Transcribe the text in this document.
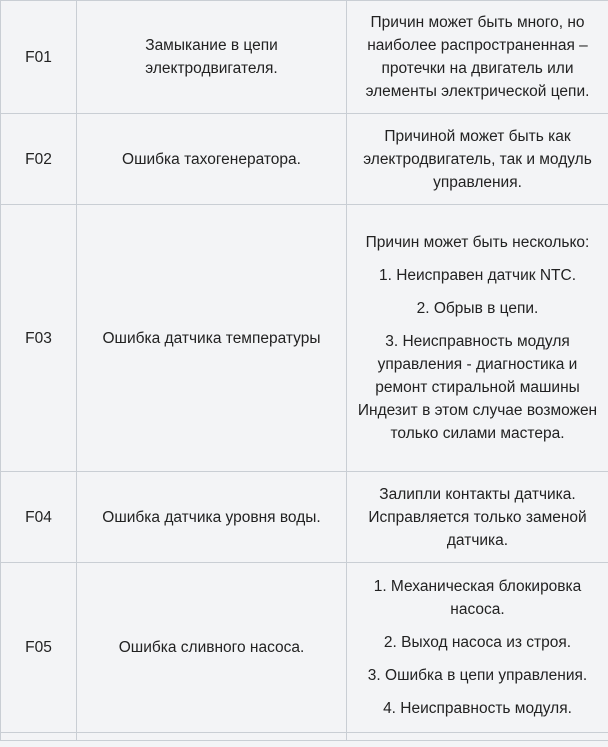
F01	Замыкание в цепи электродвигателя.	Причин может быть много, но наиболее распространенная – протечки на двигатель или элементы электрической цепи.

F02	Ошибка тахогенератора.	Причиной может быть как электродвигатель, так и модуль управления.

F03	Ошибка датчика температуры	Причин может быть несколько:

1. Неисправен датчик NTC.

2. Обрыв в цепи.

3. Неисправность модуля управления - диагностика и ремонт стиральной машины Индезит в этом случае возможен только силами мастера.

F04	Ошибка датчика уровня воды.	Залипли контакты датчика. Исправляется только заменой датчика.

F05	Ошибка сливного насоса.	1. Механическая блокировка насоса.

2. Выход насоса из строя.

3. Ошибка в цепи управления.

4. Неисправность модуля.
